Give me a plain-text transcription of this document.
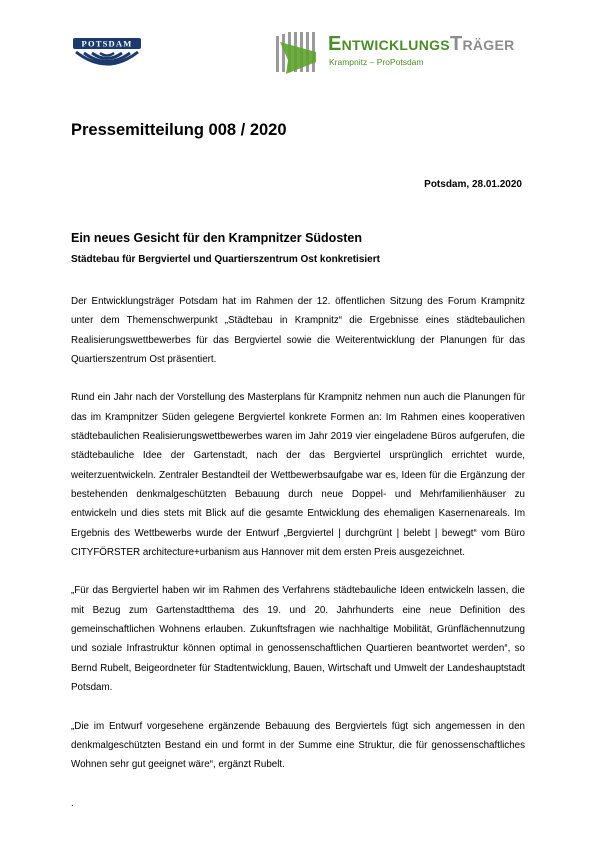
POTSDAM	EntwicklungsTräger
Krampnitz – ProPotsdam
Pressemitteilung 008 / 2020
Potsdam, 28.01.2020
Ein neues Gesicht für den Krampnitzer Südosten
Städtebau für Bergviertel und Quartierszentrum Ost konkretisiert

Der Entwicklungsträger Potsdam hat im Rahmen der 12. öffentlichen Sitzung des Forum Krampnitz unter dem Themenschwerpunkt „Städtebau in Krampnitz“ die Ergebnisse eines städtebaulichen Realisierungswettbewerbes für das Bergviertel sowie die Weiterentwicklung der Planungen für das Quartierszentrum Ost präsentiert.

Rund ein Jahr nach der Vorstellung des Masterplans für Krampnitz nehmen nun auch die Planungen für das im Krampnitzer Süden gelegene Bergviertel konkrete Formen an: Im Rahmen eines kooperativen städtebaulichen Realisierungswettbewerbes waren im Jahr 2019 vier eingeladene Büros aufgerufen, die städtebauliche Idee der Gartenstadt, nach der das Bergviertel ursprünglich errichtet wurde, weiterzuentwickeln. Zentraler Bestandteil der Wettbewerbsaufgabe war es, Ideen für die Ergänzung der bestehenden denkmalgeschützten Bebauung durch neue Doppel- und Mehrfamilienhäuser zu entwickeln und dies stets mit Blick auf die gesamte Entwicklung des ehemaligen Kasernenareals. Im Ergebnis des Wettbewerbs wurde der Entwurf „Bergviertel | durchgrünt | belebt | bewegt“ vom Büro CITYFÖRSTER architecture+urbanism aus Hannover mit dem ersten Preis ausgezeichnet.

„Für das Bergviertel haben wir im Rahmen des Verfahrens städtebauliche Ideen entwickeln lassen, die mit Bezug zum Gartenstadtthema des 19. und 20. Jahrhunderts eine neue Definition des gemeinschaftlichen Wohnens erlauben. Zukunftsfragen wie nachhaltige Mobilität, Grünflächennutzung und soziale Infrastruktur können optimal in genossenschaftlichen Quartieren beantwortet werden“, so Bernd Rubelt, Beigeordneter für Stadtentwicklung, Bauen, Wirtschaft und Umwelt der Landeshauptstadt Potsdam.

„Die im Entwurf vorgesehene ergänzende Bebauung des Bergviertels fügt sich angemessen in den denkmalgeschützten Bestand ein und formt in der Summe eine Struktur, die für genossenschaftliches Wohnen sehr gut geeignet wäre“, ergänzt Rubelt.

.
